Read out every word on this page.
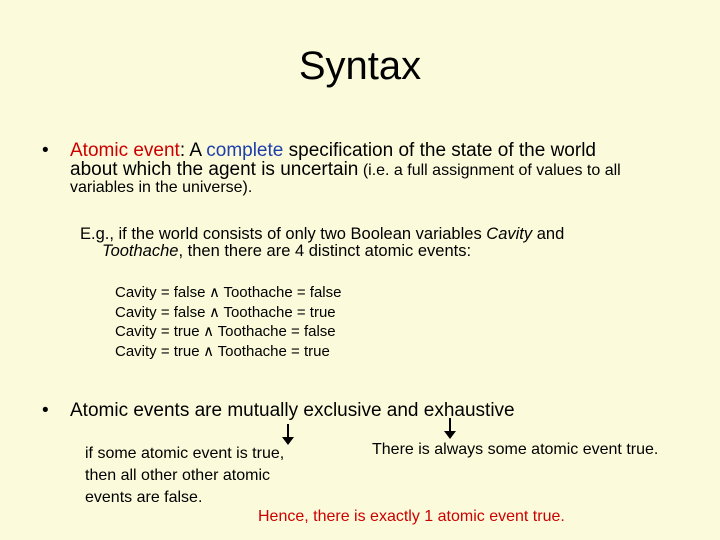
Syntax
• Atomic event: A complete specification of the state of the world
about which the agent is uncertain (i.e. a full assignment of values to all
variables in the universe).
E.g., if the world consists of only two Boolean variables Cavity and
Toothache, then there are 4 distinct atomic events:
Cavity = false ∧ Toothache = false
Cavity = false ∧ Toothache = true
Cavity = true ∧ Toothache = false
Cavity = true ∧ Toothache = true
• Atomic events are mutually exclusive and exhaustive
if some atomic event is true,
then all other other atomic
events are false.
There is always some atomic event true.
Hence, there is exactly 1 atomic event true.
